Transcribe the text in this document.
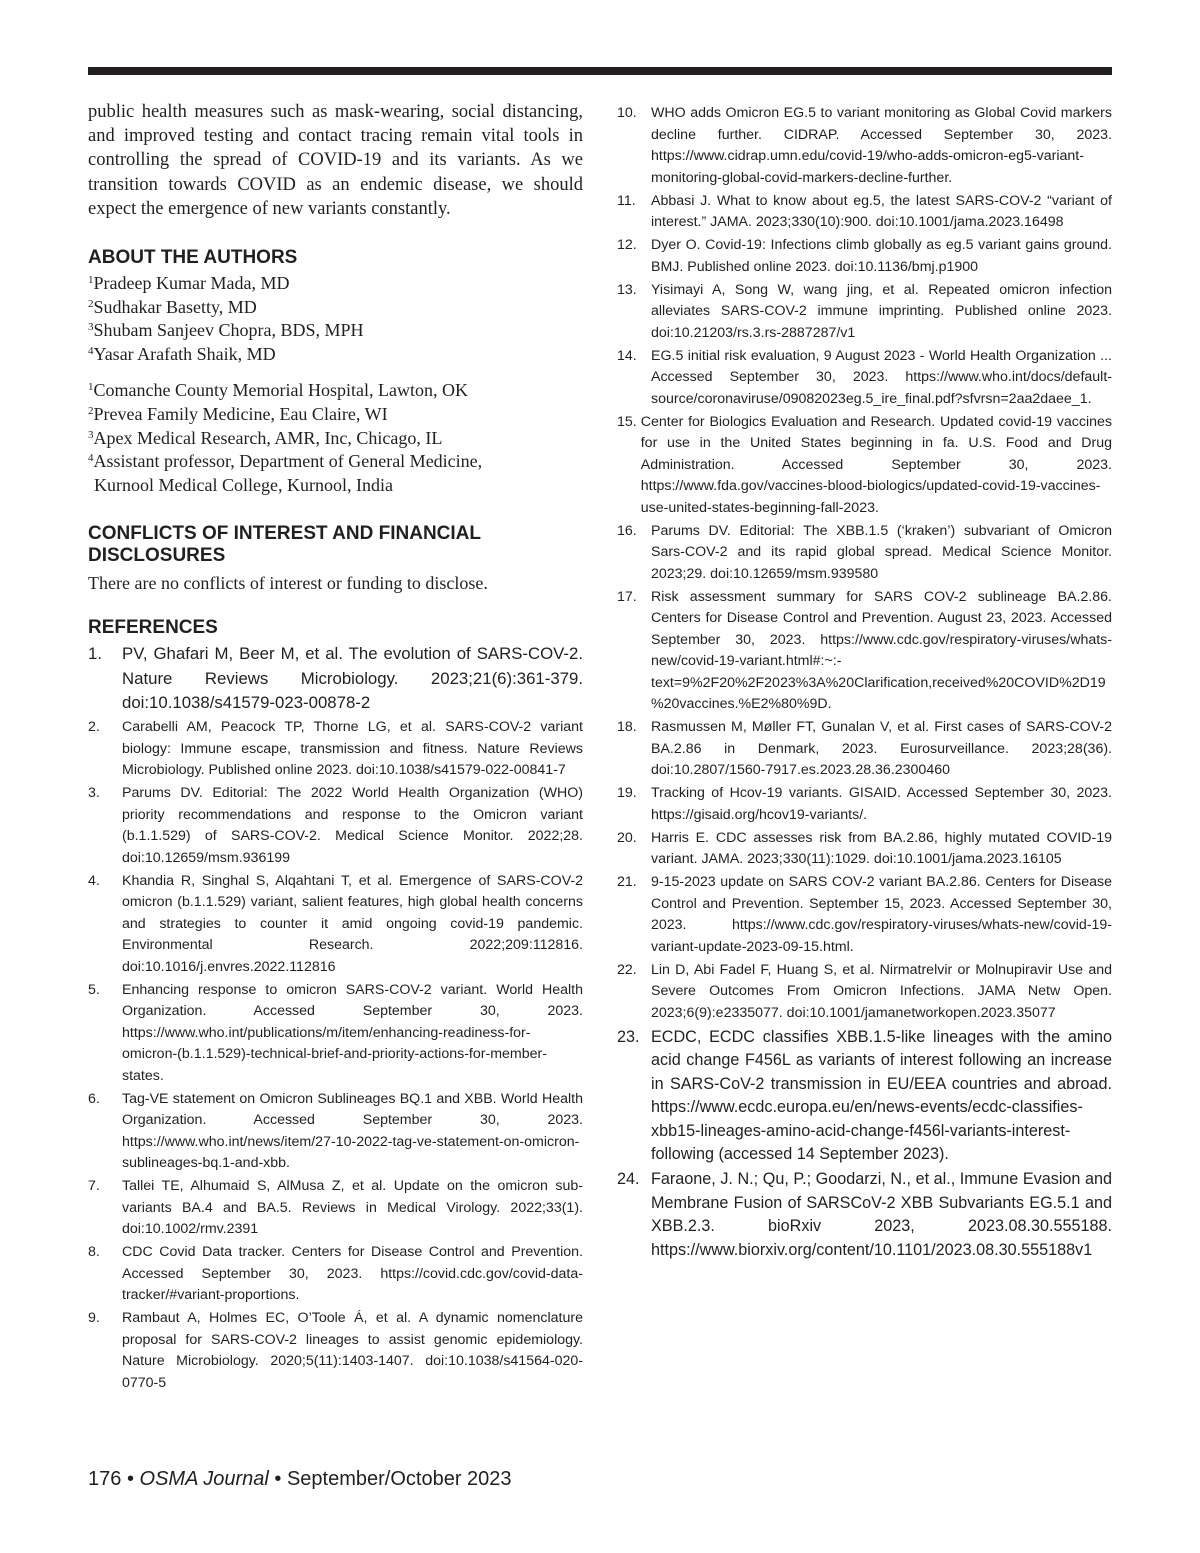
public health measures such as mask-wearing, social distancing, and improved testing and contact tracing remain vital tools in controlling the spread of COVID-19 and its variants. As we transition towards COVID as an endemic disease, we should expect the emergence of new variants constantly.

ABOUT THE AUTHORS
$^1$Pradeep Kumar Mada, MD
$^2$Sudhakar Basetty, MD
$^3$Shubam Sanjeev Chopra, BDS, MPH
$^4$Yasar Arafath Shaik, MD
$^1$Comanche County Memorial Hospital, Lawton, OK
$^2$Prevea Family Medicine, Eau Claire, WI
$^3$Apex Medical Research, AMR, Inc, Chicago, IL
$^4$Assistant professor, Department of General Medicine,
Kurnool Medical College, Kurnool, India
CONFLICTS OF INTEREST AND FINANCIAL DISCLOSURES
There are no conflicts of interest or funding to disclose.
REFERENCES
1.	PV, Ghafari M, Beer M, et al. The evolution of SARS-COV-2. Nature Reviews Microbiology. 2023;21(6):361-379. doi:10.1038/s41579-023-00878-2
2.	Carabelli AM, Peacock TP, Thorne LG, et al. SARS-COV-2 variant biology: Immune escape, transmission and fitness. Nature Reviews Microbiology. Published online 2023. doi:10.1038/s41579-022-00841-7
3.	Parums DV. Editorial: The 2022 World Health Organization (WHO) priority recommendations and response to the Omicron variant (b.1.1.529) of SARS-COV-2. Medical Science Monitor. 2022;28. doi:10.12659/msm.936199
4.	Khandia R, Singhal S, Alqahtani T, et al. Emergence of SARS-COV-2 omicron (b.1.1.529) variant, salient features, high global health concerns and strategies to counter it amid ongoing covid-19 pandemic. Environmental Research. 2022;209:112816. doi:10.1016/j.envres.2022.112816
5.	Enhancing response to omicron SARS-COV-2 variant. World Health Organization. Accessed September 30, 2023. https://www.who.int/publications/m/item/enhancing-readiness-for-omicron-(b.1.1.529)-technical-brief-and-priority-actions-for-member-states.
6.	Tag-VE statement on Omicron Sublineages BQ.1 and XBB. World Health Organization. Accessed September 30, 2023. https://www.who.int/news/item/27-10-2022-tag-ve-statement-on-omicron-sublineages-bq.1-and-xbb.
7.	Tallei TE, Alhumaid S, AlMusa Z, et al. Update on the omicron sub-variants BA.4 and BA.5. Reviews in Medical Virology. 2022;33(1). doi:10.1002/rmv.2391
8.	CDC Covid Data tracker. Centers for Disease Control and Prevention. Accessed September 30, 2023. https://covid.cdc.gov/covid-data-tracker/#variant-proportions.
9.	Rambaut A, Holmes EC, O’Toole Á, et al. A dynamic nomenclature proposal for SARS-COV-2 lineages to assist genomic epidemiology. Nature Microbiology. 2020;5(11):1403-1407. doi:10.1038/s41564-020-0770-5
10.	WHO adds Omicron EG.5 to variant monitoring as Global Covid markers decline further. CIDRAP. Accessed September 30, 2023. https://www.cidrap.umn.edu/covid-19/who-adds-omicron-eg5-variant-monitoring-global-covid-markers-decline-further.
11.	Abbasi J. What to know about eg.5, the latest SARS-COV-2 “variant of interest.” JAMA. 2023;330(10):900. doi:10.1001/jama.2023.16498
12.	Dyer O. Covid-19: Infections climb globally as eg.5 variant gains ground. BMJ. Published online 2023. doi:10.1136/bmj.p1900
13.	Yisimayi A, Song W, wang jing, et al. Repeated omicron infection alleviates SARS-COV-2 immune imprinting. Published online 2023. doi:10.21203/rs.3.rs-2887287/v1
14.	EG.5 initial risk evaluation, 9 August 2023 - World Health Organization ... Accessed September 30, 2023. https://www.who.int/docs/default-source/coronaviruse/09082023eg.5_ire_final.pdf?sfvrsn=2aa2daee_1.
15. Center for Biologics Evaluation and Research. Updated covid-19 vaccines for use in the United States beginning in fa. U.S. Food and Drug Administration. Accessed September 30, 2023. https://www.fda.gov/vaccines-blood-biologics/updated-covid-19-vaccines-use-united-states-beginning-fall-2023.
16.	Parums DV. Editorial: The XBB.1.5 (‘kraken’) subvariant of Omicron Sars-COV-2 and its rapid global spread. Medical Science Monitor. 2023;29. doi:10.12659/msm.939580
17.	Risk assessment summary for SARS COV-2 sublineage BA.2.86. Centers for Disease Control and Prevention. August 23, 2023. Accessed September 30, 2023. https://www.cdc.gov/respiratory-viruses/whats-new/covid-19-variant.html#:~:-text=9%2F20%2F2023%3A%20Clarification,received%20COVID%2D19%20vaccines.%E2%80%9D.
18.	Rasmussen M, Møller FT, Gunalan V, et al. First cases of SARS-COV-2 BA.2.86 in Denmark, 2023. Eurosurveillance. 2023;28(36). doi:10.2807/1560-7917.es.2023.28.36.2300460
19.	Tracking of Hcov-19 variants. GISAID. Accessed September 30, 2023. https://gisaid.org/hcov19-variants/.
20.	Harris E. CDC assesses risk from BA.2.86, highly mutated COVID-19 variant. JAMA. 2023;330(11):1029. doi:10.1001/jama.2023.16105
21.	9-15-2023 update on SARS COV-2 variant BA.2.86. Centers for Disease Control and Prevention. September 15, 2023. Accessed September 30, 2023. https://www.cdc.gov/respiratory-viruses/whats-new/covid-19-variant-update-2023-09-15.html.
22.	Lin D, Abi Fadel F, Huang S, et al. Nirmatrelvir or Molnupiravir Use and Severe Outcomes From Omicron Infections. JAMA Netw Open. 2023;6(9):e2335077. doi:10.1001/jamanetworkopen.2023.35077
23. ECDC, ECDC classifies XBB.1.5-like lineages with the amino acid change F456L as variants of interest following an increase in SARS-CoV-2 transmission in EU/EEA countries and abroad. https://www.ecdc.europa.eu/en/news-events/ecdc-classifies-xbb15-lineages-amino-acid-change-f456l-variants-interest-following (accessed 14 September 2023).
24. Faraone, J. N.; Qu, P.; Goodarzi, N., et al., Immune Evasion and Membrane Fusion of SARSCoV-2 XBB Subvariants EG.5.1 and XBB.2.3. bioRxiv 2023, 2023.08.30.555188. https://www.biorxiv.org/content/10.1101/2023.08.30.555188v1
176 • OSMA Journal • September/October 2023
